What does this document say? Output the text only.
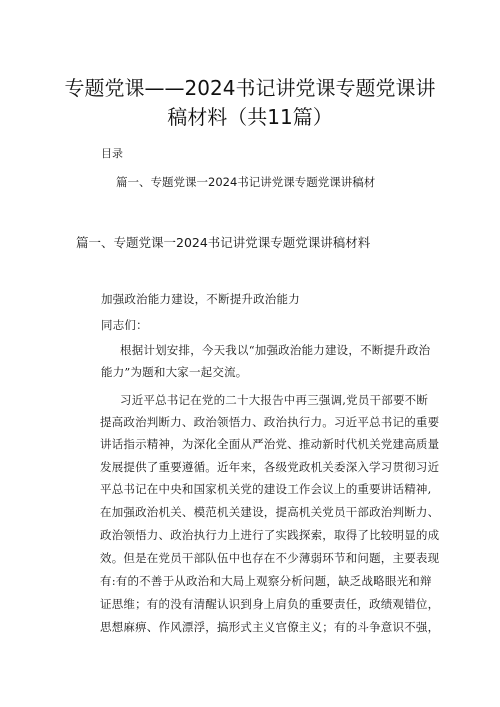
专题党课——2024书记讲党课专题党课讲
稿材料（共11篇）
目录
篇一、专题党课一2024书记讲党课专题党课讲稿材
篇一、专题党课一2024书记讲党课专题党课讲稿材料
加强政治能力建设，不断提升政治能力
同志们：
根据计划安排，今天我以“加强政治能力建设，不断提升政治
能力”为题和大家一起交流。
习近平总书记在党的二十大报告中再三强调,党员干部要不断
提高政治判断力、政治领悟力、政治执行力。习近平总书记的重要
讲话指示精神，为深化全面从严治党、推动新时代机关党建高质量
发展提供了重要遵循。近年来，各级党政机关委深入学习贯彻习近
平总书记在中央和国家机关党的建设工作会议上的重要讲话精神,
在加强政治机关、模范机关建设，提高机关党员干部政治判断力、
政治领悟力、政治执行力上进行了实践探索，取得了比较明显的成
效。但是在党员干部队伍中也存在不少薄弱环节和问题，主要表现
有:有的不善于从政治和大局上观察分析问题，缺乏战略眼光和辩
证思维；有的没有清醒认识到身上肩负的重要责任，政绩观错位，
思想麻痹、作风漂浮，搞形式主义官僚主义；有的斗争意识不强，
